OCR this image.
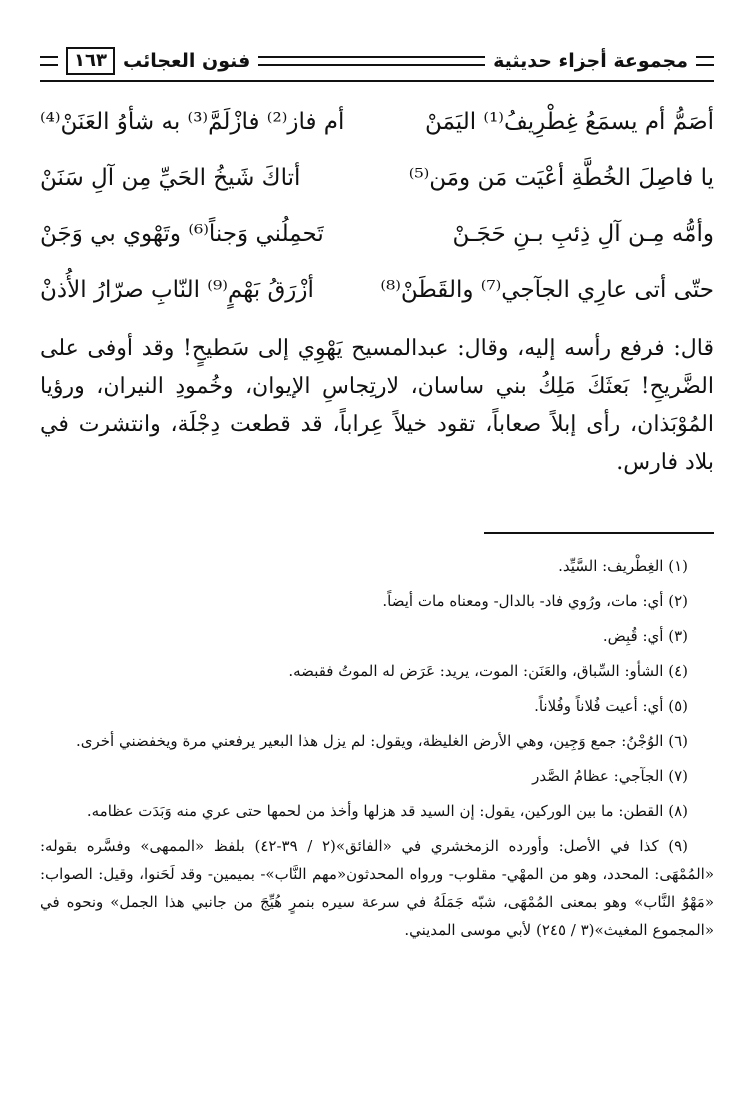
مجموعة أجزاء حديثية
فنون العجائب
١٦٣
أصَمُّ أم يسمَعُ غِطْرِيفُ⁽¹⁾ اليَمَنْ
أم فاز⁽²⁾ فازْلَمَّ⁽³⁾ به شأوُ العَنَنْ⁽⁴⁾
يا فاصِلَ الخُطَّةِ أعْيَت مَن ومَن⁽⁵⁾
أتاكَ شَيخُ الحَيِّ مِن آلِ سَنَنْ
وأمُّه مِـن آلِ ذِئبِ بـنِ حَجَـنْ
تَحمِلُني وَجناً⁽⁶⁾ وتَهْوي بي وَجَنْ
حتّى أتى عارِي الجآجي⁽⁷⁾ والقَطَنْ⁽⁸⁾
أزْرَقُ بَهْمٍ⁽⁹⁾ النّابِ صرّارُ الأُذنْ

قال: فرفع رأسه إليه، وقال: عبدالمسيح يَهْوِي إلى سَطيحٍ! وقد أوفى على الضَّريحِ! بَعثَكَ مَلِكُ بني ساسان، لارتِجاسِ الإيوان، وخُمودِ النيران، ورؤيا المُوْبَذان، رأى إبلاً صعاباً، تقود خيلاً عِراباً، قد قطعت دِجْلَة، وانتشرت في بلاد فارس.

(١) الغِطْريف: السَّيِّد.

(٢) أي: مات، ورُوي فاد- بالدال- ومعناه مات أيضاً.

(٣) أي: قُبِض.

(٤) الشأو: السِّباق، والعَنَن: الموت، يريد: عَرَض له الموتُ فقبضه.

(٥) أي: أعيت فُلاناً وفُلاناً.

(٦) الوُجْنُ: جمع وَجِين، وهي الأرض الغليظة، ويقول: لم يزل هذا البعير يرفعني مرة ويخفضني أخرى.

(٧) الجآجي: عظامُ الصَّدر

(٨) القطن: ما بين الوركين، يقول: إن السيد قد هزلها وأخذ من لحمها حتى عري منه وَبَدَت عظامه.

(٩) كذا في الأصل: وأورده الزمخشري في «الفائق»(٢ / ٣٩-٤٢) بلفظ «الممهى» وفسَّره بقوله: «المُمْهَى: المحدد، وهو من المهْي- مقلوب- ورواه المحدثون«مهم النَّاب»- بميمين- وقد لَحَنوا، وقيل: الصواب: «مَهْوُ النَّاب» وهو بمعنى المُمْهَى، شبّه جَمَلَهُ في سرعة سيره بنمرٍ هُيِّجَ من جانبي هذا الجمل» ونحوه في «المجموع المغيث»(٣ / ٢٤٥) لأبي موسى المديني.
